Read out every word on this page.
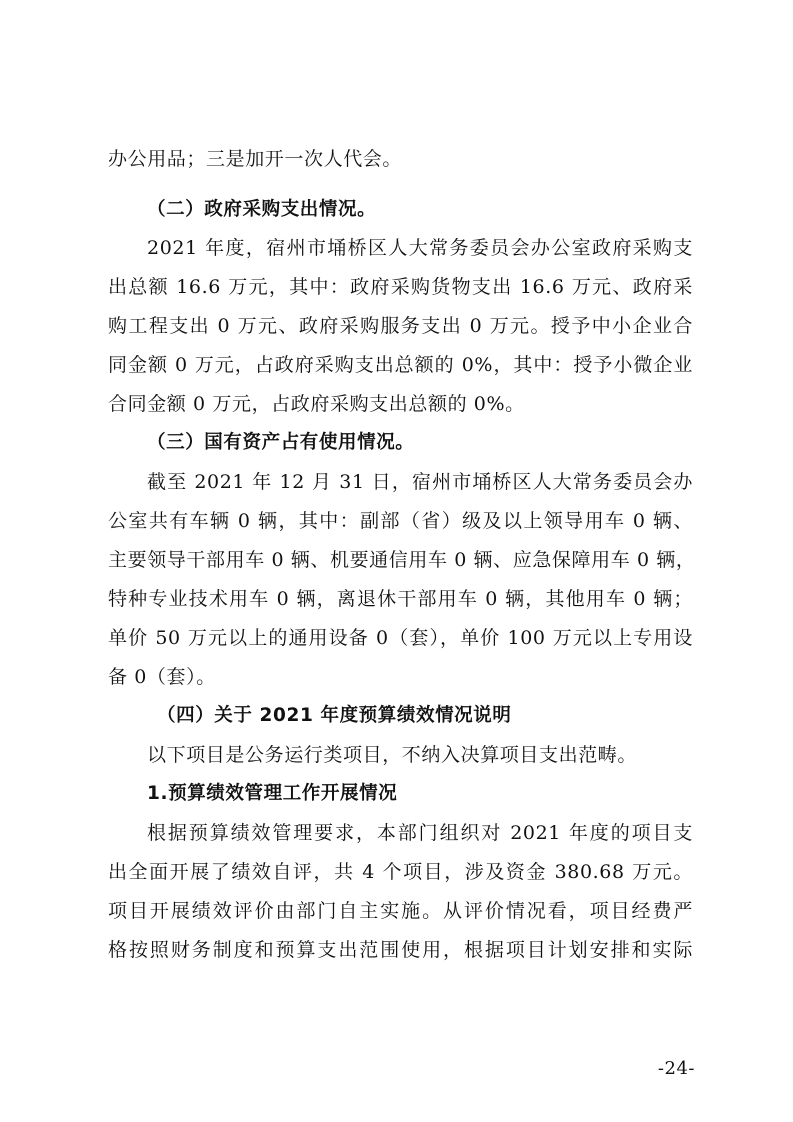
办公用品；三是加开一次人代会。
（二）政府采购支出情况。
2021 年度，宿州市埇桥区人大常务委员会办公室政府采购支
出总额 16.6 万元，其中：政府采购货物支出 16.6 万元、政府采
购工程支出 0 万元、政府采购服务支出 0 万元。授予中小企业合
同金额 0 万元，占政府采购支出总额的 0%，其中：授予小微企业
合同金额 0 万元，占政府采购支出总额的 0%。
（三）国有资产占有使用情况。
截至 2021 年 12 月 31 日，宿州市埇桥区人大常务委员会办
公室共有车辆 0 辆，其中：副部（省）级及以上领导用车 0 辆、
主要领导干部用车 0 辆、机要通信用车 0 辆、应急保障用车 0 辆，
特种专业技术用车 0 辆，离退休干部用车 0 辆，其他用车 0 辆；
单价 50 万元以上的通用设备 0（套），单价 100 万元以上专用设
备 0（套）。
（四）关于 2021 年度预算绩效情况说明
以下项目是公务运行类项目，不纳入决算项目支出范畴。
1.预算绩效管理工作开展情况
根据预算绩效管理要求，本部门组织对 2021 年度的项目支
出全面开展了绩效自评，共 4 个项目，涉及资金 380.68 万元。
项目开展绩效评价由部门自主实施。从评价情况看，项目经费严
格按照财务制度和预算支出范围使用，根据项目计划安排和实际
-24-
